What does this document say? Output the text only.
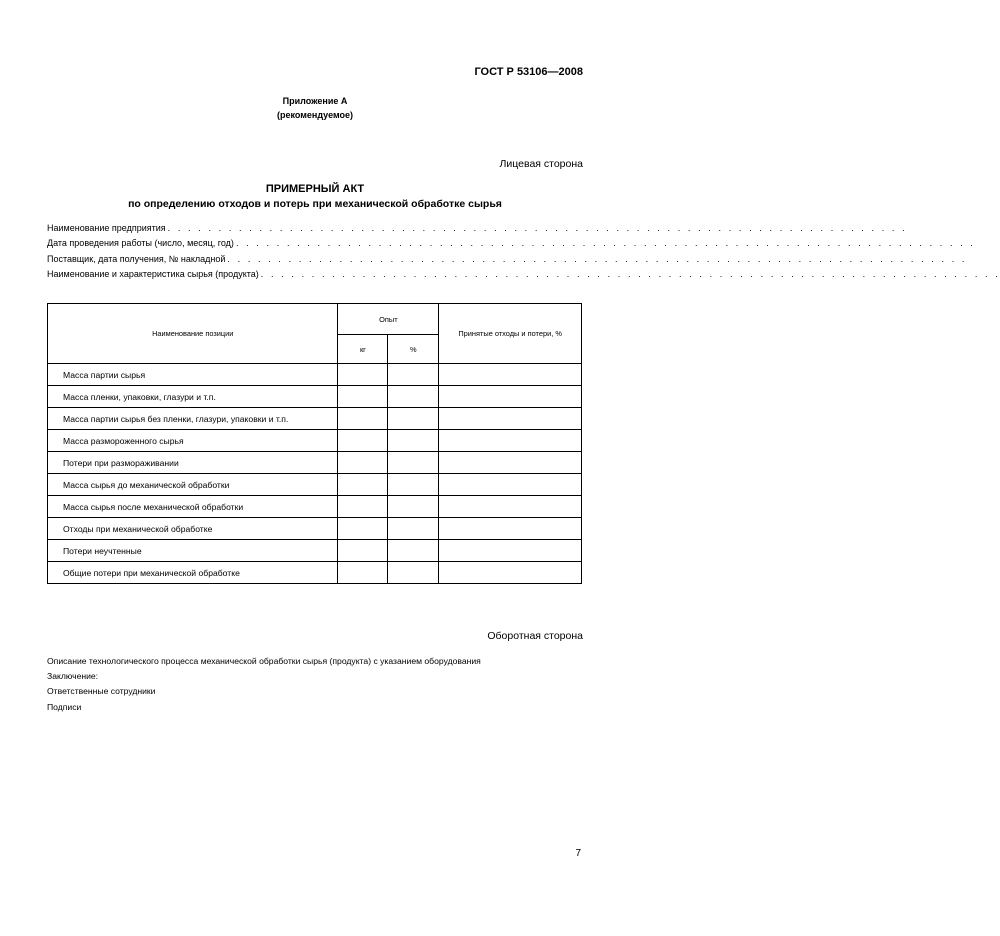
ГОСТ Р 53106—2008
Приложение А
(рекомендуемое)
Лицевая сторона
ПРИМЕРНЫЙ АКТ
по определению отходов и потерь при механической обработке сырья
Наименование предприятия . . . . . . . . . . . . . . . . . . . . . . . . . . . . . . . . . . . . . . . . . . . . . . . . . . . . . . . . . . . . . . . . . . . . . . . . .
Дата проведения работы (число, месяц, год) . . . . . . . . . . . . . . . . . . . . . . . . . . . . . . . . . . . . . . . . . . . . . . . . . . . . . . . . . . . . . . . . . . . . . . . . .
Поставщик, дата получения, № накладной . . . . . . . . . . . . . . . . . . . . . . . . . . . . . . . . . . . . . . . . . . . . . . . . . . . . . . . . . . . . . . . . . . . . . . . . .
Наименование и характеристика сырья (продукта) . . . . . . . . . . . . . . . . . . . . . . . . . . . . . . . . . . . . . . . . . . . . . . . . . . . . . . . . . . . . . . . . . . . . . . . . .
Наименование позиции	Опыт		Принятые отходы и потери, %
	кг	%	
Масса партии сырья			
Масса пленки, упаковки, глазури и т.п.			
Масса партии сырья без пленки, глазури, упаковки и т.п.			
Масса размороженного сырья			
Потери при размораживании			
Масса сырья до механической обработки			
Масса сырья после механической обработки			
Отходы при механической обработке			
Потери неучтенные			
Общие потери при механической обработке			
Оборотная сторона
Описание технологического процесса механической обработки сырья (продукта) с указанием оборудования
Заключение:
Ответственные сотрудники
Подписи
7
